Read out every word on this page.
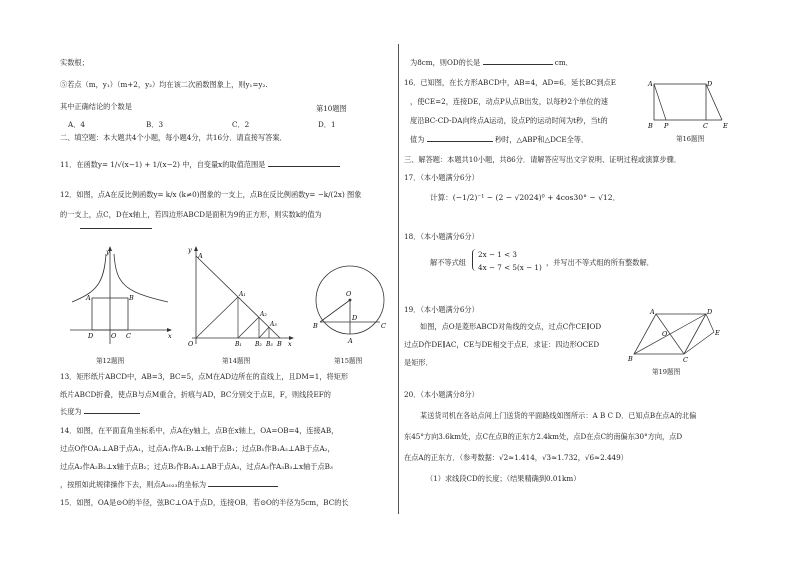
实数根；
⑤若点（m，y₁）（m+2，y₂）均在该二次函数图象上，则y₁=y₂.
其中正确结论的个数是	第10题图
A．4	B．3	C．2	D．1
二、填空题：本大题共4个小题，每小题4分，共16分．请直接写答案．
11．在函数y= 1/√(x−1) + 1/(x−2) 中，自变量x的取值范围是
12．如图，点A在反比例函数y= k/x (k≠0)图象的一支上，点B在反比例函数y= −k/(2x) 图象
的一支上，点C，D在x轴上，若四边形ABCD是面积为9的正方形，则实数k的值为
y
x
A	B
D	O C
第12题图
y
A
A₁
A₂
A₃
O	B₁ B₂ B₃ B x
第14题图
O
D
B	C
A
第15题图
13．矩形纸片ABCD中，AB=3，BC=5，点M在AD边所在的直线上，且DM=1，将矩形
纸片ABCD折叠，使点B与点M重合，折痕与AD，BC分别交于点E，F，则线段EF的
长度为
14．如图，在平面直角坐标系中，点A在y轴上，点B在x轴上，OA=OB=4，连接AB，
过点O作OA₁⊥AB于点A₁，过点A₁作A₁B₁⊥x轴于点B₁；过点B₁作B₁A₂⊥AB于点A₂，
过点A₂作A₂B₂⊥x轴于点B₂；过点B₂作B₂A₃⊥AB于点A₃，过点A₃作A₃B₃⊥x轴于点B₃
，按照如此规律操作下去，则点A₂₀₂₃的坐标为
15．如图，OA是⊙O的半径，弦BC⊥OA于点D，连接OB．若⊙O的半径为5cm，BC的长
为8cm，则OD的长是	cm．
16．已知图，在长方形ABCD中，AB=4，AD=6．延长BC到点E
，使CE=2，连接DE，动点P从点B出发，以每秒2个单位的速
度沿BC-CD-DA向终点A运动，设点P的运动时间为t秒，当t的
值为	秒时，△ABP和△DCE全等．
A	D
B P	C E
第16题图
三、解答题：本题共10小题，共86分．请解答应写出文字说明、证明过程或演算步骤．
17．（本小题满分6分）
计算：(−1/2)⁻¹ − (2 − √2024)⁰ + 4cos30° − √12．
18．（本小题满分6分）
解不等式组
2x − 1 < 3
4x − 7 < 5(x − 1)
，并写出不等式组的所有整数解．
19．（本小题满分6分）
如图，点O是菱形ABCD对角线的交点，过点C作CE∥OD
过点D作DE∥AC，CE与DE相交于点E．求证：四边形OCED
是矩形．
A	D
E
O
B	C
第19题图
20．（本小题满分8分）
某送货司机在各站点间上门送货的平面路线如图所示：A B C D．已知点B在点A的北偏
东45°方向3.6km处，点C在点B的正东方2.4km处，点D在点C的南偏东30°方向，点D
在点A的正东方．（参考数据：√2≈1.414，√3≈1.732，√6≈2.449）
（1）求线段CD的长度；（结果精确到0.01km）
